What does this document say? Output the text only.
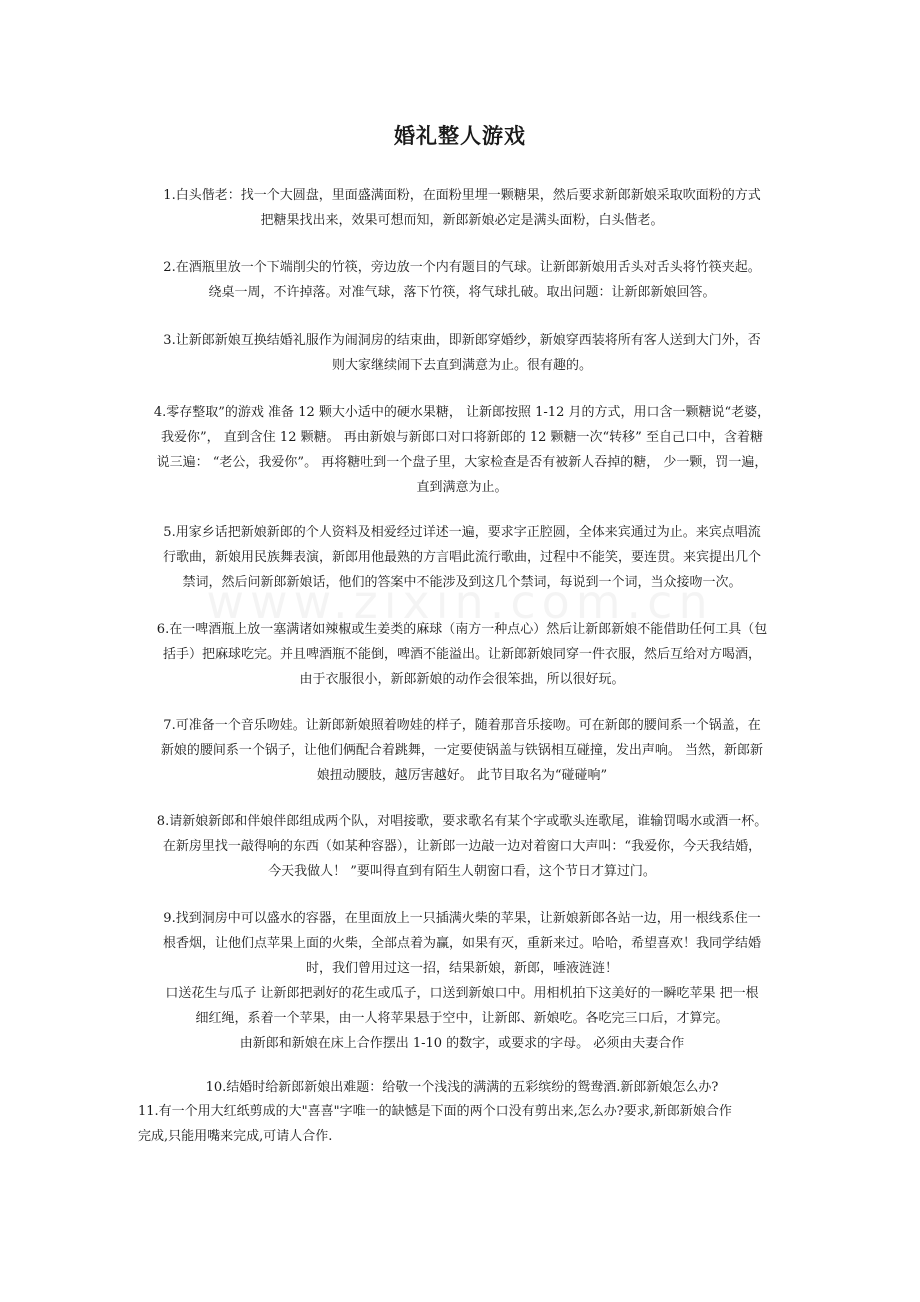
婚礼整人游戏
1.白头偕老：找一个大圆盘，里面盛满面粉，在面粉里埋一颗糖果，然后要求新郎新娘采取吹面粉的方式
把糖果找出来，效果可想而知，新郎新娘必定是满头面粉，白头偕老。
2.在酒瓶里放一个下端削尖的竹筷，旁边放一个内有题目的气球。让新郎新娘用舌头对舌头将竹筷夹起。
绕桌一周，不许掉落。对准气球，落下竹筷，将气球扎破。取出问题：让新郎新娘回答。
3.让新郎新娘互换结婚礼服作为闹洞房的结束曲，即新郎穿婚纱，新娘穿西装将所有客人送到大门外，否
则大家继续闹下去直到满意为止。很有趣的。
4.零存整取”的游戏 准备 12 颗大小适中的硬水果糖， 让新郎按照 1-12 月的方式，用口含一颗糖说“老婆，
我爱你”， 直到含住 12 颗糖。 再由新娘与新郎口对口将新郎的 12 颗糖一次“转移” 至自己口中，含着糖
说三遍： “老公，我爱你”。 再将糖吐到一个盘子里，大家检查是否有被新人吞掉的糖， 少一颗，罚一遍，
直到满意为止。
5.用家乡话把新娘新郎的个人资料及相爱经过详述一遍，要求字正腔圆，全体来宾通过为止。来宾点唱流
行歌曲，新娘用民族舞表演，新郎用他最熟的方言唱此流行歌曲，过程中不能笑，要连贯。来宾提出几个
禁词，然后问新郎新娘话，他们的答案中不能涉及到这几个禁词，每说到一个词，当众接吻一次。
6.在一啤酒瓶上放一塞满诸如辣椒或生姜类的麻球（南方一种点心）然后让新郎新娘不能借助任何工具（包
括手）把麻球吃完。并且啤酒瓶不能倒，啤酒不能溢出。让新郎新娘同穿一件衣服，然后互给对方喝酒，
由于衣服很小，新郎新娘的动作会很笨拙，所以很好玩。
7.可准备一个音乐吻娃。让新郎新娘照着吻娃的样子，随着那音乐接吻。可在新郎的腰间系一个锅盖，在
新娘的腰间系一个锅子，让他们俩配合着跳舞，一定要使锅盖与铁锅相互碰撞，发出声响。 当然，新郎新
娘扭动腰肢，越厉害越好。 此节目取名为“碰碰响”
8.请新娘新郎和伴娘伴郎组成两个队，对唱接歌，要求歌名有某个字或歌头连歌尾，谁输罚喝水或酒一杯。
在新房里找一敲得响的东西（如某种容器），让新郎一边敲一边对着窗口大声叫：“我爱你，今天我结婚，
今天我做人！ ”要叫得直到有陌生人朝窗口看，这个节日才算过门。
9.找到洞房中可以盛水的容器，在里面放上一只插满火柴的苹果，让新娘新郎各站一边，用一根线系住一
根香烟，让他们点苹果上面的火柴，全部点着为赢，如果有灭，重新来过。哈哈，希望喜欢！我同学结婚
时，我们曾用过这一招，结果新娘，新郎，唾液涟涟！
口送花生与瓜子 让新郎把剥好的花生或瓜子，口送到新娘口中。用相机拍下这美好的一瞬吃苹果 把一根
细红绳，系着一个苹果，由一人将苹果悬于空中，让新郎、新娘吃。各吃完三口后，才算完。
由新郎和新娘在床上合作摆出 1-10 的数字，或要求的字母。 必须由夫妻合作
10.结婚时给新郎新娘出难题：给敬一个浅浅的满满的五彩缤纷的鸳鸯酒.新郎新娘怎么办?
11.有一个用大红纸剪成的大"喜喜"字唯一的缺憾是下面的两个口没有剪出来,怎么办?要求,新郎新娘合作
完成,只能用嘴来完成,可请人合作.
